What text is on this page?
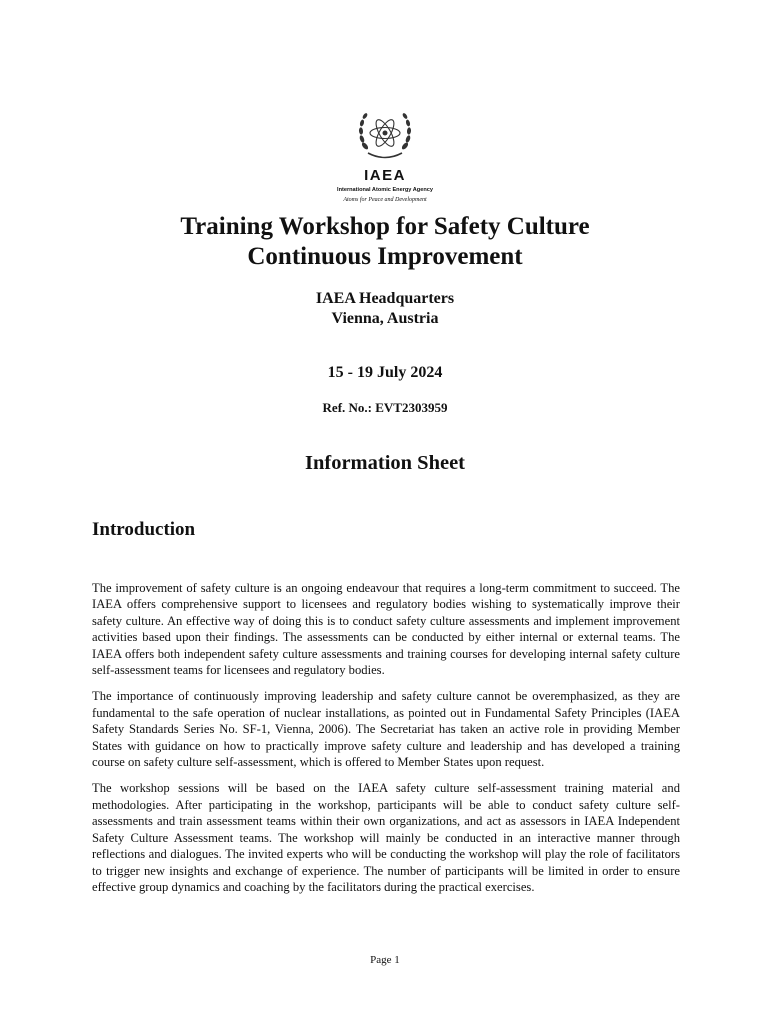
IAEA
International Atomic Energy Agency
Atoms for Peace and Development
Training Workshop for Safety Culture
Continuous Improvement
IAEA Headquarters
Vienna, Austria
15 - 19 July 2024
Ref. No.: EVT2303959
Information Sheet
Introduction

The improvement of safety culture is an ongoing endeavour that requires a long-term commitment to succeed. The IAEA offers comprehensive support to licensees and regulatory bodies wishing to systematically improve their safety culture. An effective way of doing this is to conduct safety culture assessments and implement improvement activities based upon their findings. The assessments can be conducted by either internal or external teams. The IAEA offers both independent safety culture assessments and training courses for developing internal safety culture self-assessment teams for licensees and regulatory bodies.

The importance of continuously improving leadership and safety culture cannot be overemphasized, as they are fundamental to the safe operation of nuclear installations, as pointed out in Fundamental Safety Principles (IAEA Safety Standards Series No. SF-1, Vienna, 2006). The Secretariat has taken an active role in providing Member States with guidance on how to practically improve safety culture and leadership and has developed a training course on safety culture self-assessment, which is offered to Member States upon request.

The workshop sessions will be based on the IAEA safety culture self-assessment training material and methodologies. After participating in the workshop, participants will be able to conduct safety culture self-assessments and train assessment teams within their own organizations, and act as assessors in IAEA Independent Safety Culture Assessment teams. The workshop will mainly be conducted in an interactive manner through reflections and dialogues. The invited experts who will be conducting the workshop will play the role of facilitators to trigger new insights and exchange of experience. The number of participants will be limited in order to ensure effective group dynamics and coaching by the facilitators during the practical exercises.

Page 1
